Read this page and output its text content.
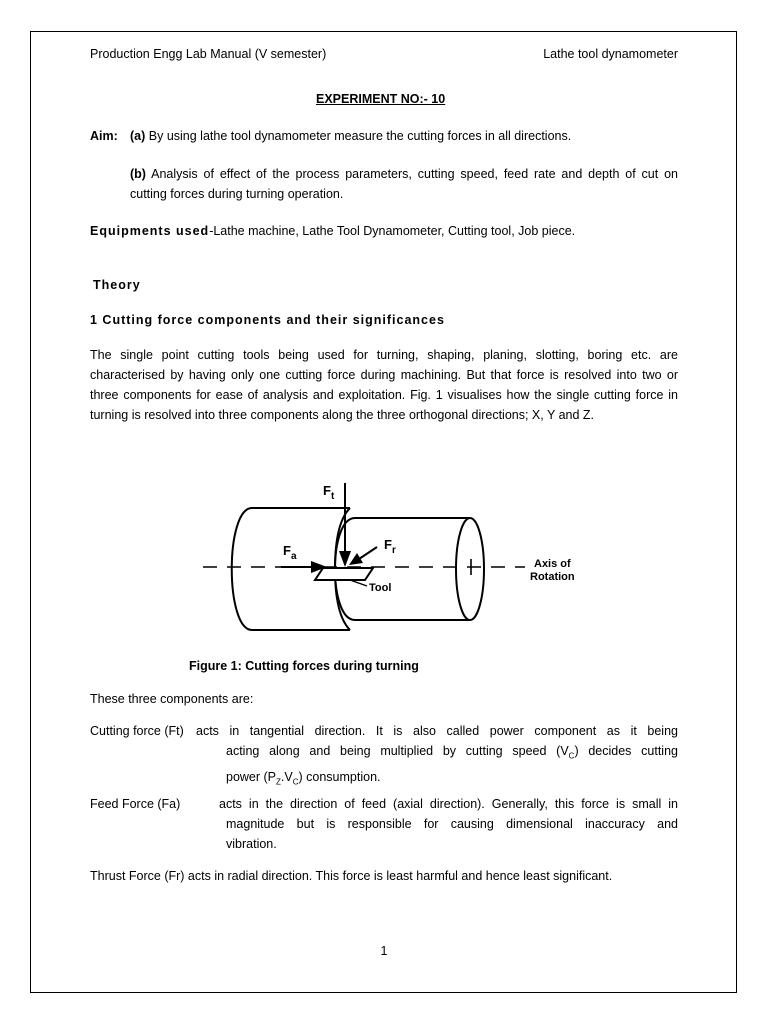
Production Engg Lab Manual (V semester)	Lathe tool dynamometer
EXPERIMENT NO:- 10
Aim: (a) By using lathe tool dynamometer measure the cutting forces in all directions.
(b) Analysis of effect of the process parameters, cutting speed, feed rate and depth of cut on cutting forces during turning operation.
Equipments used-Lathe machine, Lathe Tool Dynamometer, Cutting tool, Job piece.
Theory
1 Cutting force components and their significances
The single point cutting tools being used for turning, shaping, planing, slotting, boring etc. are characterised by having only one cutting force during machining. But that force is resolved into two or three components for ease of analysis and exploitation. Fig. 1 visualises how the single cutting force in turning is resolved into three components along the three orthogonal directions; X, Y and Z.
$F_t$
$F_a$
$F_r$
Tool
Axis of
Rotation
Figure 1: Cutting forces during turning
These three components are:
Cutting force (Ft) acts in tangential direction. It is also called power component as it being
acting along and being multiplied by cutting speed $(V_C)$ decides cutting
power $(P_Z.V_C)$ consumption.
Feed Force (Fa)	acts in the direction of feed (axial direction). Generally, this force is small in
magnitude but is responsible for causing dimensional inaccuracy and
vibration.
Thrust Force (Fr) acts in radial direction. This force is least harmful and hence least significant.
1
